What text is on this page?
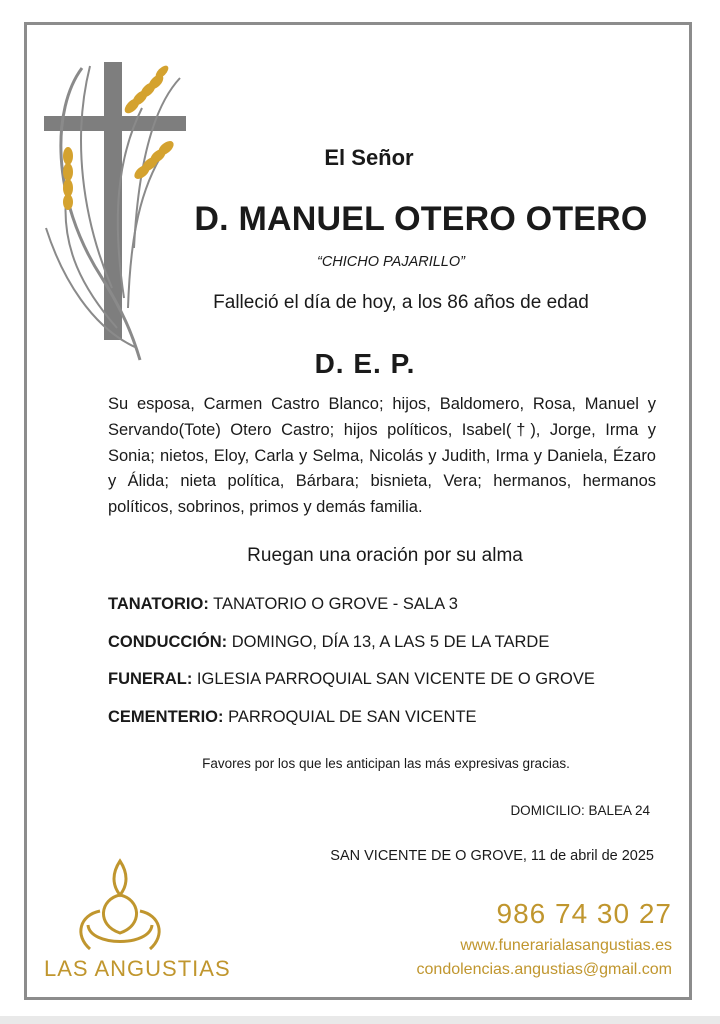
El Señor
D. MANUEL OTERO OTERO
“CHICHO PAJARILLO”
Falleció el día de hoy, a los 86 años de edad
D. E. P.
Su esposa, Carmen Castro Blanco; hijos, Baldomero, Rosa, Manuel y Servando(Tote) Otero Castro; hijos políticos, Isabel(†), Jorge, Irma y Sonia; nietos, Eloy, Carla y Selma, Nicolás y Judith, Irma y Daniela, Ézaro y Álida; nieta política, Bárbara; bisnieta, Vera; hermanos, hermanos políticos, sobrinos, primos y demás familia.
Ruegan una oración por su alma
TANATORIO: TANATORIO O GROVE - SALA 3
CONDUCCIÓN: DOMINGO, DÍA 13, A LAS 5 DE LA TARDE
FUNERAL: IGLESIA PARROQUIAL SAN VICENTE DE O GROVE
CEMENTERIO: PARROQUIAL DE SAN VICENTE
Favores por los que les anticipan las más expresivas gracias.
DOMICILIO: BALEA 24
SAN VICENTE DE O GROVE, 11 de abril de 2025
LAS ANGUSTIAS
986 74 30 27
www.funerarialasangustias.es
condolencias.angustias@gmail.com
